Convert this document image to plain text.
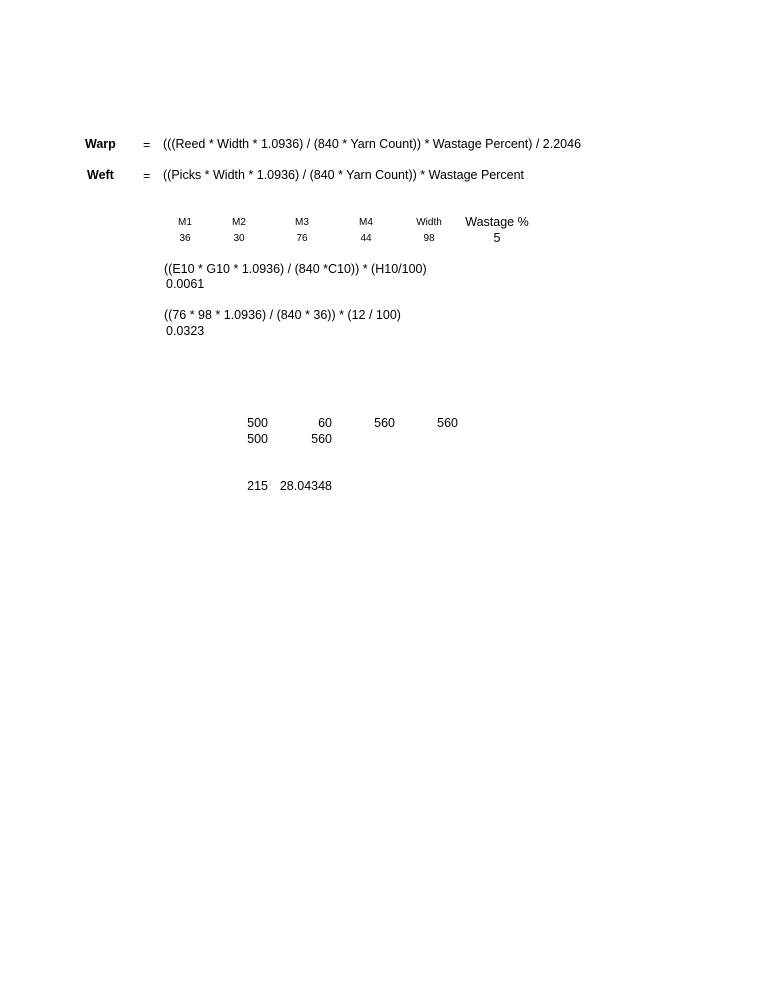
Warp = (((Reed * Width * 1.0936) / (840 * Yarn Count)) * Wastage Percent) / 2.2046
Weft = ((Picks * Width * 1.0936) / (840 * Yarn Count)) * Wastage Percent
M1	M2	M3	M4	Width	Wastage %
36	30	76	44	98	5
((E10 * G10 * 1.0936) / (840 *C10)) * (H10/100)
0.0061
((76 * 98 * 1.0936) / (840 * 36)) * (12 / 100)
0.0323
500	60	560	560
500	560
215 28.04348
